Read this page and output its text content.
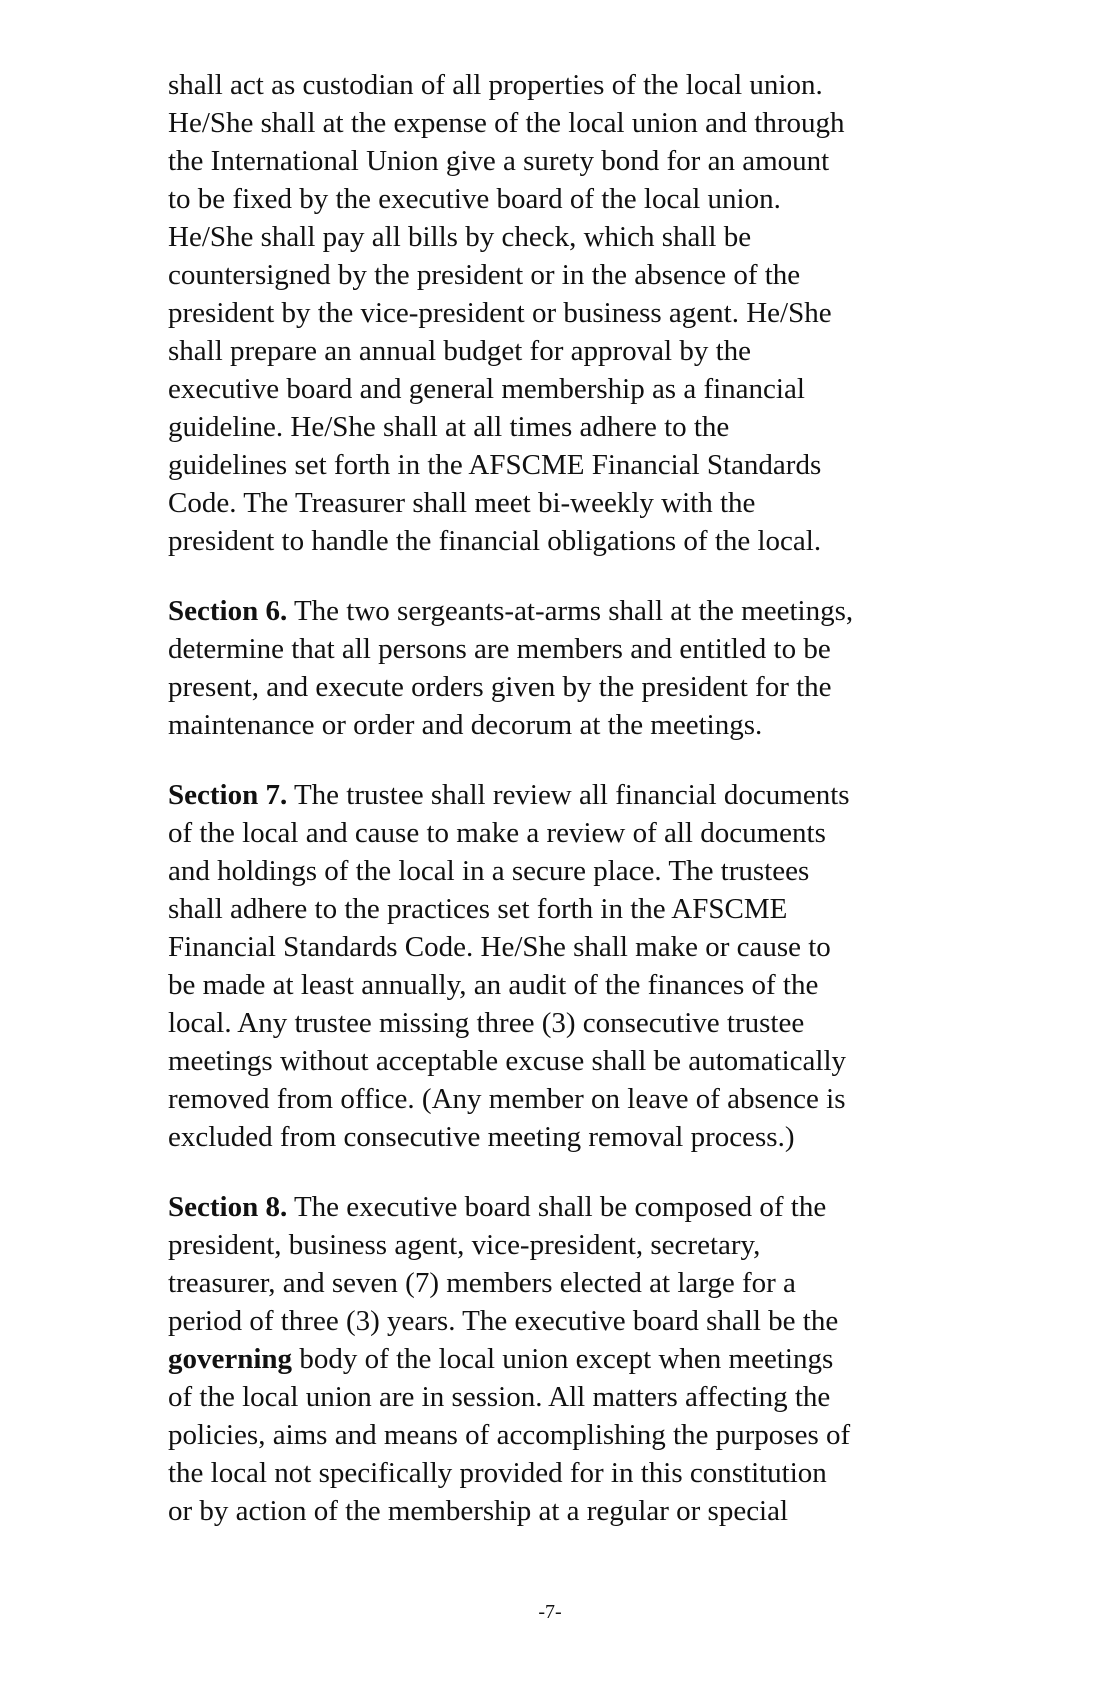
shall act as custodian of all properties of the local union.
He/She shall at the expense of the local union and through
the International Union give a surety bond for an amount
to be fixed by the executive board of the local union.
He/She shall pay all bills by check, which shall be
countersigned by the president or in the absence of the
president by the vice-president or business agent. He/She
shall prepare an annual budget for approval by the
executive board and general membership as a financial
guideline. He/She shall at all times adhere to the
guidelines set forth in the AFSCME Financial Standards
Code. The Treasurer shall meet bi-weekly with the
president to handle the financial obligations of the local.
Section 6. The two sergeants-at-arms shall at the meetings,
determine that all persons are members and entitled to be
present, and execute orders given by the president for the
maintenance or order and decorum at the meetings.
Section 7. The trustee shall review all financial documents
of the local and cause to make a review of all documents
and holdings of the local in a secure place. The trustees
shall adhere to the practices set forth in the AFSCME
Financial Standards Code. He/She shall make or cause to
be made at least annually, an audit of the finances of the
local. Any trustee missing three (3) consecutive trustee
meetings without acceptable excuse shall be automatically
removed from office. (Any member on leave of absence is
excluded from consecutive meeting removal process.)
Section 8. The executive board shall be composed of the
president, business agent, vice-president, secretary,
treasurer, and seven (7) members elected at large for a
period of three (3) years. The executive board shall be the
governing body of the local union except when meetings
of the local union are in session. All matters affecting the
policies, aims and means of accomplishing the purposes of
the local not specifically provided for in this constitution
or by action of the membership at a regular or special
-7-
